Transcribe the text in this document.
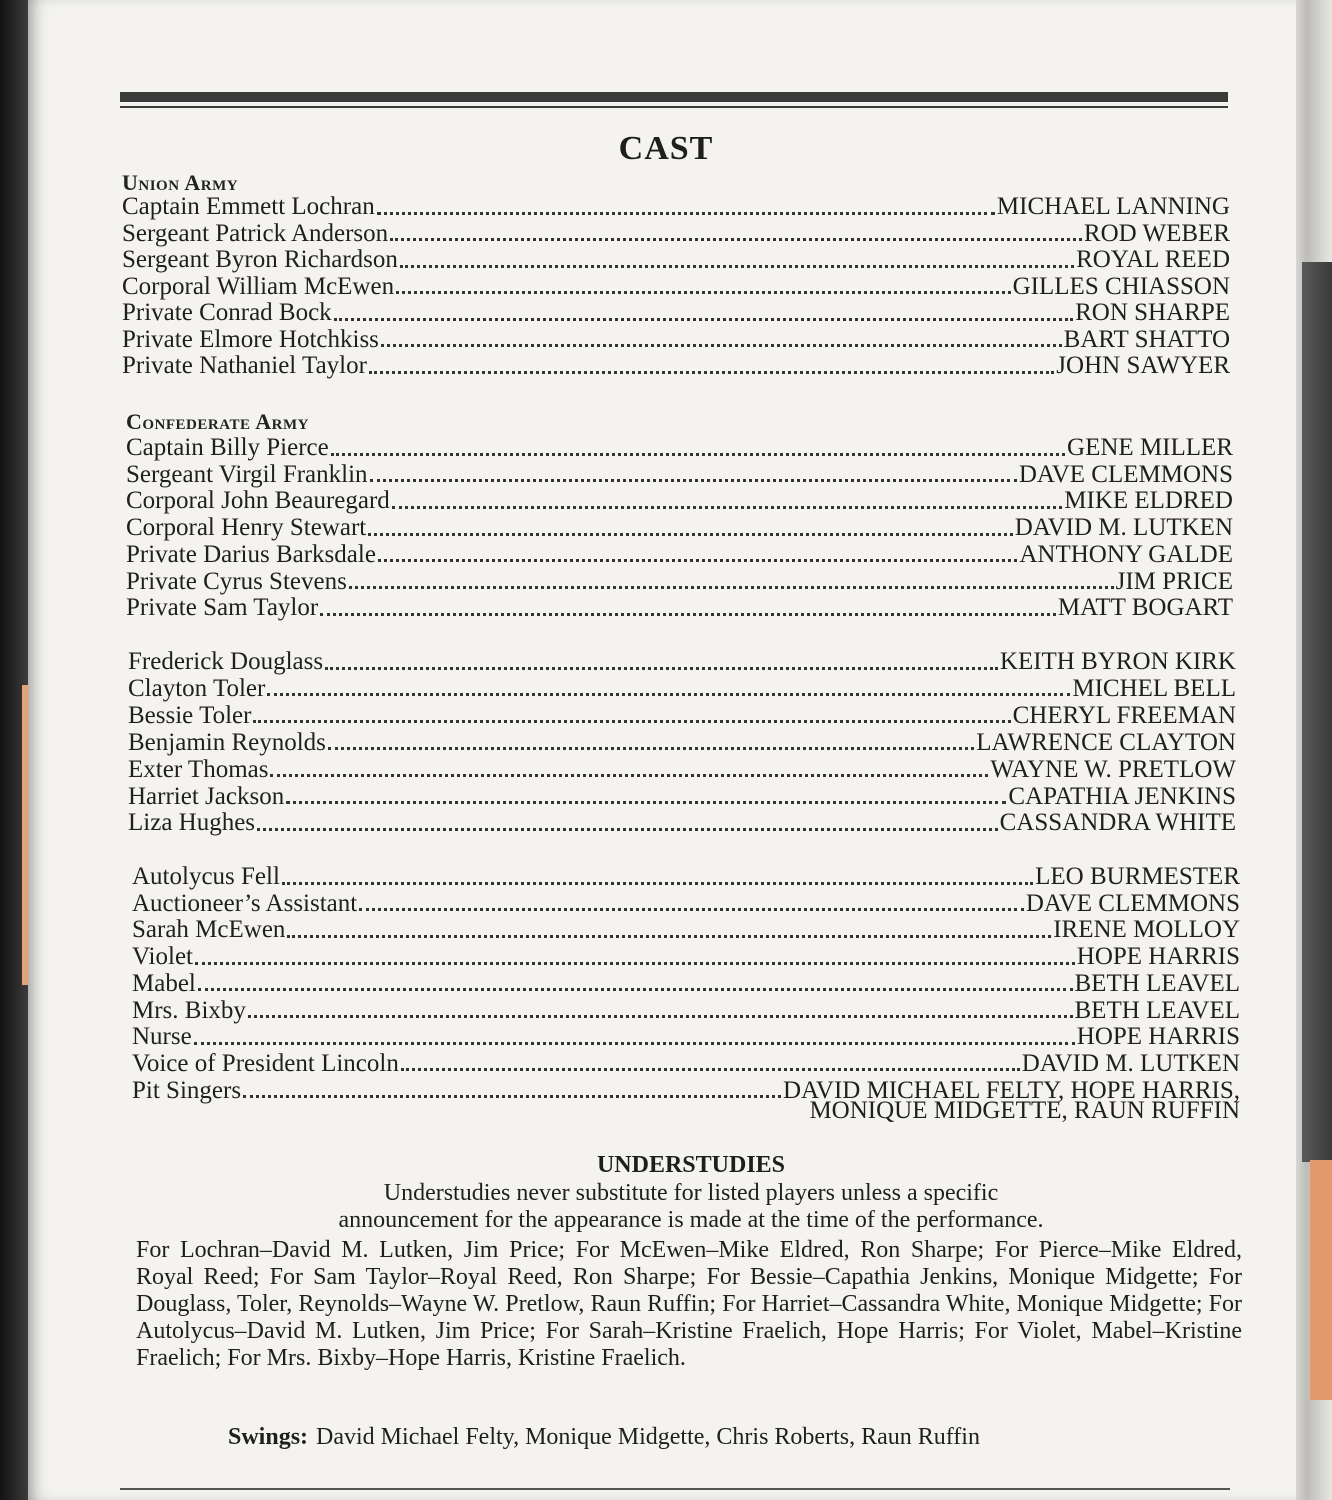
CAST
Union Army
Captain Emmett Lochran	MICHAEL LANNING
Sergeant Patrick Anderson	ROD WEBER
Sergeant Byron Richardson	ROYAL REED
Corporal William McEwen	GILLES CHIASSON
Private Conrad Bock	RON SHARPE
Private Elmore Hotchkiss	BART SHATTO
Private Nathaniel Taylor	JOHN SAWYER
Confederate Army
Captain Billy Pierce	GENE MILLER
Sergeant Virgil Franklin	DAVE CLEMMONS
Corporal John Beauregard	MIKE ELDRED
Corporal Henry Stewart	DAVID M. LUTKEN
Private Darius Barksdale	ANTHONY GALDE
Private Cyrus Stevens	JIM PRICE
Private Sam Taylor	MATT BOGART
Frederick Douglass	KEITH BYRON KIRK
Clayton Toler	MICHEL BELL
Bessie Toler	CHERYL FREEMAN
Benjamin Reynolds	LAWRENCE CLAYTON
Exter Thomas	WAYNE W. PRETLOW
Harriet Jackson	CAPATHIA JENKINS
Liza Hughes	CASSANDRA WHITE
Autolycus Fell	LEO BURMESTER
Auctioneer’s Assistant	DAVE CLEMMONS
Sarah McEwen	IRENE MOLLOY
Violet	HOPE HARRIS
Mabel	BETH LEAVEL
Mrs. Bixby	BETH LEAVEL
Nurse	HOPE HARRIS
Voice of President Lincoln	DAVID M. LUTKEN
Pit Singers	DAVID MICHAEL FELTY, HOPE HARRIS,
MONIQUE MIDGETTE, RAUN RUFFIN
UNDERSTUDIES
Understudies never substitute for listed players unless a specific
announcement for the appearance is made at the time of the performance.
For Lochran–David M. Lutken, Jim Price; For McEwen–Mike Eldred, Ron Sharpe; For Pierce–Mike Eldred, Royal Reed; For Sam Taylor–Royal Reed, Ron Sharpe; For Bessie–Capathia Jenkins, Monique Midgette; For Douglass, Toler, Reynolds–Wayne W. Pretlow, Raun Ruffin; For Harriet–Cassandra White, Monique Midgette; For Autolycus–David M. Lutken, Jim Price; For Sarah–Kristine Fraelich, Hope Harris; For Violet, Mabel–Kristine Fraelich; For Mrs. Bixby–Hope Harris, Kristine Fraelich.
Swings: David Michael Felty, Monique Midgette, Chris Roberts, Raun Ruffin
